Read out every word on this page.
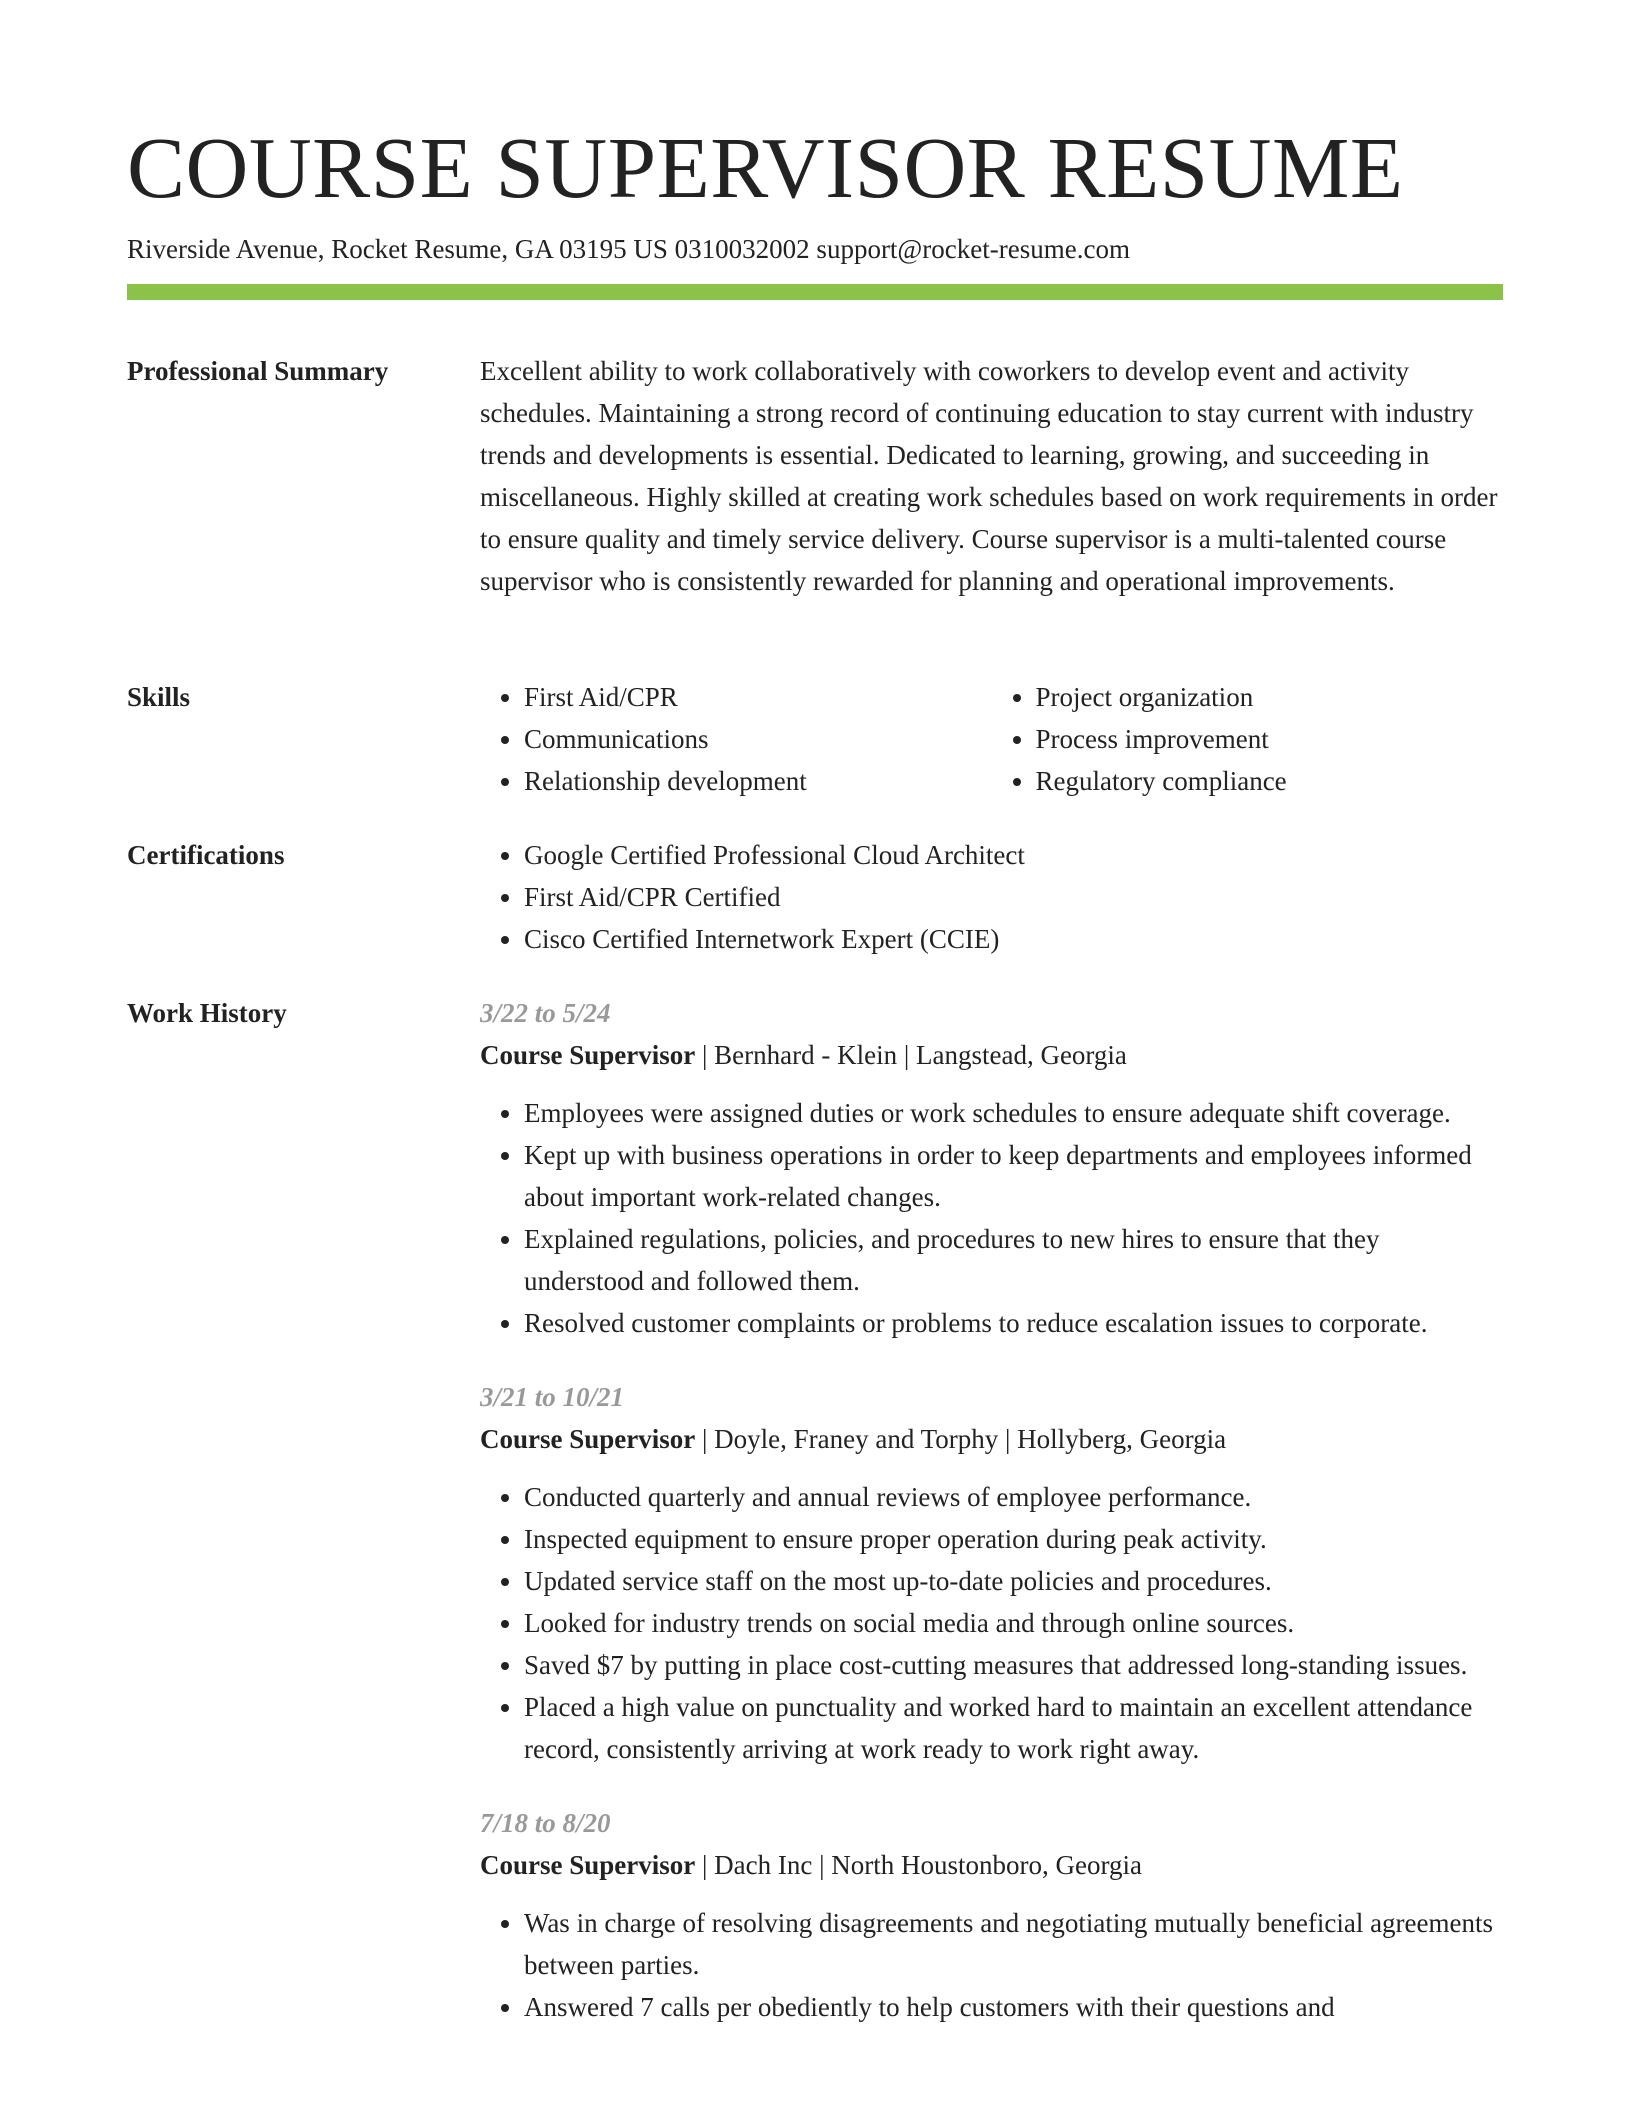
COURSE SUPERVISOR RESUME

Riverside Avenue, Rocket Resume, GA 03195 US 0310032002 support@rocket-resume.com

Professional Summary	Excellent ability to work collaboratively with coworkers to develop event and activity schedules. Maintaining a strong record of continuing education to stay current with industry trends and developments is essential. Dedicated to learning, growing, and succeeding in miscellaneous. Highly skilled at creating work schedules based on work requirements in order to ensure quality and timely service delivery. Course supervisor is a multi-talented course supervisor who is consistently rewarded for planning and operational improvements.

Skills	• First Aid/CPR
• Communications
• Relationship development
• Project organization
• Process improvement
• Regulatory compliance
Certifications	• Google Certified Professional Cloud Architect
• First Aid/CPR Certified
• Cisco Certified Internetwork Expert (CCIE)
Work History	3/22 to 5/24

Course Supervisor | Bernhard - Klein | Langstead, Georgia

• Employees were assigned duties or work schedules to ensure adequate shift coverage.
• Kept up with business operations in order to keep departments and employees informed about important work-related changes.
• Explained regulations, policies, and procedures to new hires to ensure that they understood and followed them.
• Resolved customer complaints or problems to reduce escalation issues to corporate.

3/21 to 10/21

Course Supervisor | Doyle, Franey and Torphy | Hollyberg, Georgia

• Conducted quarterly and annual reviews of employee performance.
• Inspected equipment to ensure proper operation during peak activity.
• Updated service staff on the most up-to-date policies and procedures.
• Looked for industry trends on social media and through online sources.
• Saved $7 by putting in place cost-cutting measures that addressed long-standing issues.
• Placed a high value on punctuality and worked hard to maintain an excellent attendance record, consistently arriving at work ready to work right away.

7/18 to 8/20

Course Supervisor | Dach Inc | North Houstonboro, Georgia

• Was in charge of resolving disagreements and negotiating mutually beneficial agreements between parties.
• Answered 7 calls per obediently to help customers with their questions and
